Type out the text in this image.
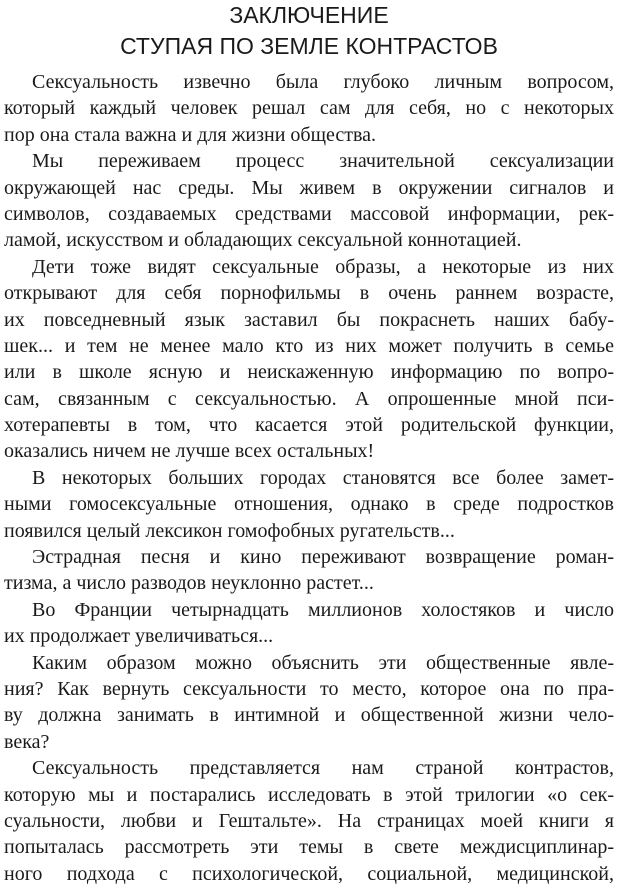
ЗАКЛЮЧЕНИЕ
СТУПАЯ ПО ЗЕМЛЕ КОНТРАСТОВ
Сексуальность извечно была глубоко личным вопросом,
который каждый человек решал сам для себя, но с некоторых
пор она стала важна и для жизни общества.
Мы переживаем процесс значительной сексуализации
окружающей нас среды. Мы живем в окружении сигналов и
символов, создаваемых средствами массовой информации, рек-
ламой, искусством и обладающих сексуальной коннотацией.
Дети тоже видят сексуальные образы, а некоторые из них
открывают для себя порнофильмы в очень раннем возрасте,
их повседневный язык заставил бы покраснеть наших бабу-
шек... и тем не менее мало кто из них может получить в семье
или в школе ясную и неискаженную информацию по вопро-
сам, связанным с сексуальностью. А опрошенные мной пси-
хотерапевты в том, что касается этой родительской функции,
оказались ничем не лучше всех остальных!
В некоторых больших городах становятся все более замет-
ными гомосексуальные отношения, однако в среде подростков
появился целый лексикон гомофобных ругательств...
Эстрадная песня и кино переживают возвращение роман-
тизма, а число разводов неуклонно растет...
Во Франции четырнадцать миллионов холостяков и число
их продолжает увеличиваться...
Каким образом можно объяснить эти общественные явле-
ния? Как вернуть сексуальности то место, которое она по пра-
ву должна занимать в интимной и общественной жизни чело-
века?
Сексуальность представляется нам страной контрастов,
которую мы и постарались исследовать в этой трилогии «о сек-
суальности, любви и Гештальте». На страницах моей книги я
попыталась рассмотреть эти темы в свете междисциплинар-
ного подхода с психологической, социальной, медицинской,
